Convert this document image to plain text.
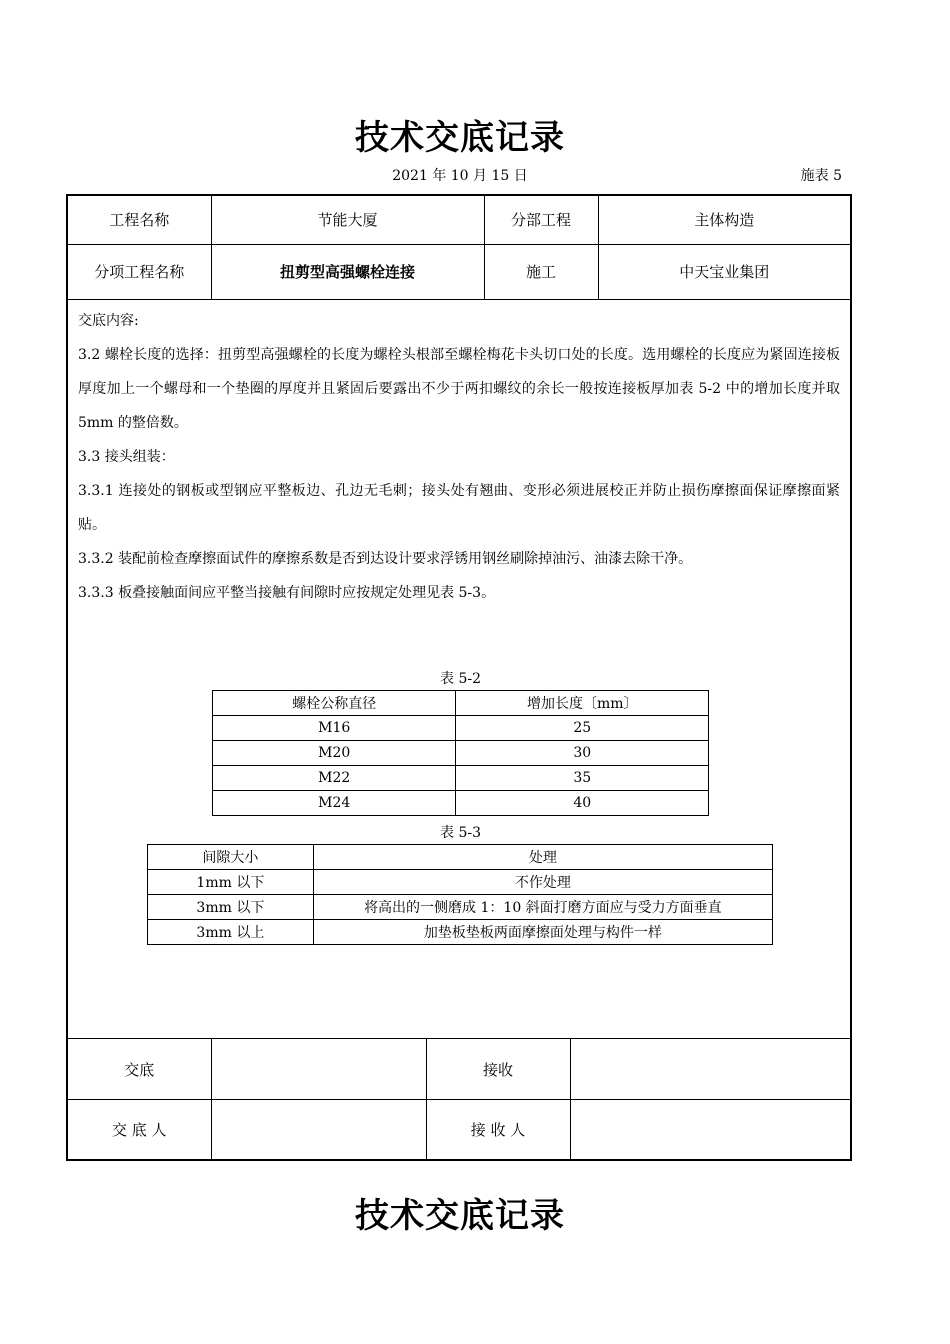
技术交底记录
2021 年 10 月 15 日	施表 5
工程名称	节能大厦	分部工程	主体构造
分项工程名称	扭剪型高强螺栓连接	施工	中天宝业集团

交底内容:

3.2 螺栓长度的选择：扭剪型高强螺栓的长度为螺栓头根部至螺栓梅花卡头切口处的长度。选用螺栓的长度应为紧固连接板厚度加上一个螺母和一个垫圈的厚度并且紧固后要露出不少于两扣螺纹的余长一般按连接板厚加表 5-2 中的增加长度并取 5mm 的整倍数。

3.3 接头组装：

3.3.1 连接处的钢板或型钢应平整板边、孔边无毛刺；接头处有翘曲、变形必须进展校正并防止损伤摩擦面保证摩擦面紧贴。

3.3.2 装配前检查摩擦面试件的摩擦系数是否到达设计要求浮锈用钢丝刷除掉油污、油漆去除干净。

3.3.3 板叠接触面间应平整当接触有间隙时应按规定处理见表 5-3。

表 5-2
螺栓公称直径	增加长度〔mm〕
M16	25
M20	30
M22	35
M24	40
表 5-3
间隙大小	处理
1mm 以下	不作处理
3mm 以下	将高出的一侧磨成 1：10 斜面打磨方面应与受力方面垂直
3mm 以上	加垫板垫板两面摩擦面处理与构件一样
交底		接收	
交 底 人		接 收 人	
技术交底记录
